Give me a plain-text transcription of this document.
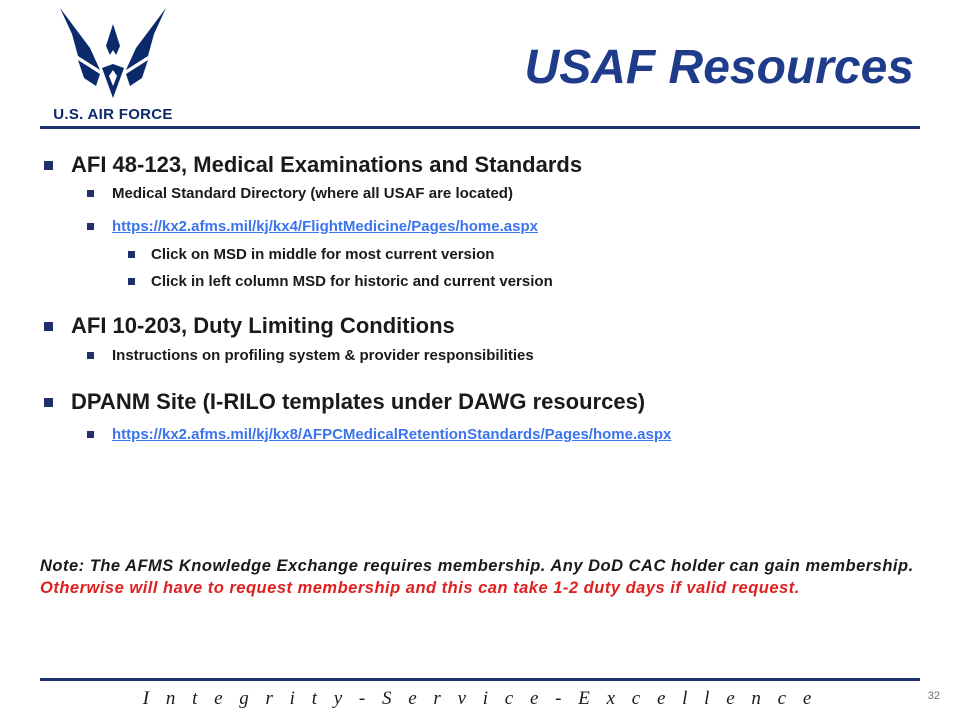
U.S. AIR FORCE
USAF Resources
AFI 48-123, Medical Examinations and Standards
Medical Standard Directory (where all USAF are located)
https://kx2.afms.mil/kj/kx4/FlightMedicine/Pages/home.aspx
Click on MSD in middle for most current version
Click in left column MSD for historic and current version
AFI 10-203, Duty Limiting Conditions
Instructions on profiling system & provider responsibilities
DPANM Site (I-RILO templates under DAWG resources)
https://kx2.afms.mil/kj/kx8/AFPCMedicalRetentionStandards/Pages/home.aspx
Note: The AFMS Knowledge Exchange requires membership. Any DoD CAC holder can gain membership. Otherwise will have to request membership and this can take 1-2 duty days if valid request.
I n t e g r i t y - S e r v i c e - E x c e l l e n c e	32
